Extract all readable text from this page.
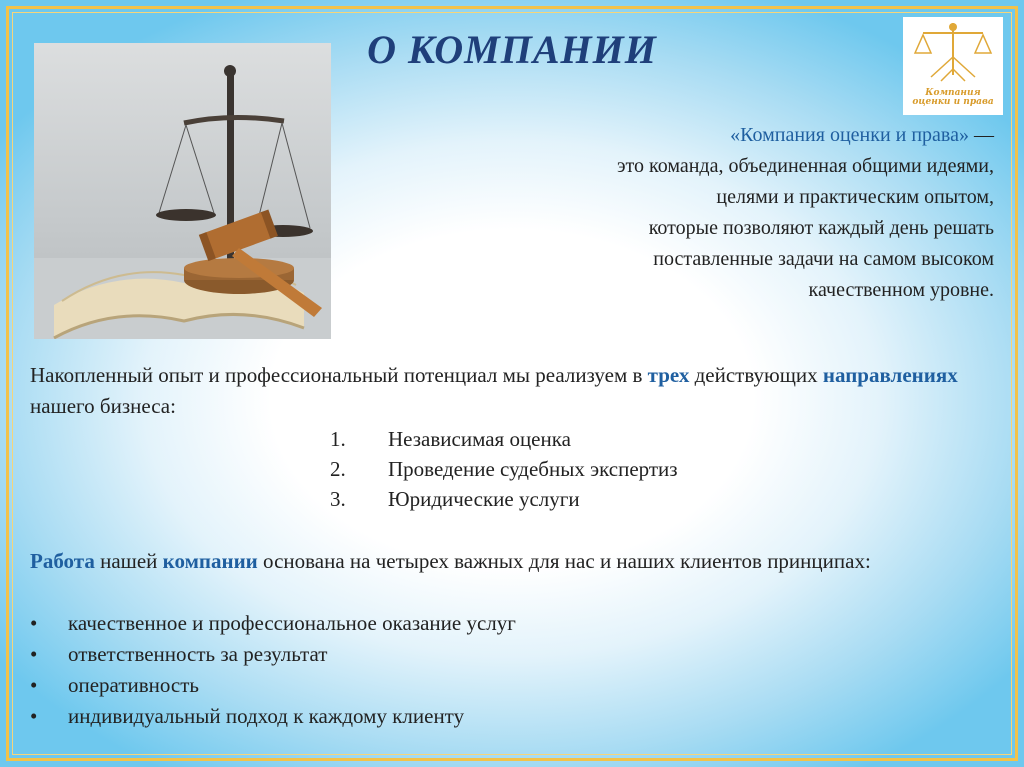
Компания оценки и права
О КОМПАНИИ
«Компания оценки и права» —
это команда, объединенная общими идеями,
целями и практическим опытом,
которые позволяют каждый день решать
поставленные задачи на самом высоком
качественном уровне.
Накопленный опыт и профессиональный потенциал мы реализуем в трех действующих направлениях нашего бизнеса:
1.	Независимая оценка
2.	Проведение судебных экспертиз
3.	Юридические услуги
Работа нашей компании основана на четырех важных для нас и наших клиентов принципах:
•	качественное и профессиональное оказание услуг
•	ответственность за результат
•	оперативность
•	индивидуальный подход к каждому клиенту
